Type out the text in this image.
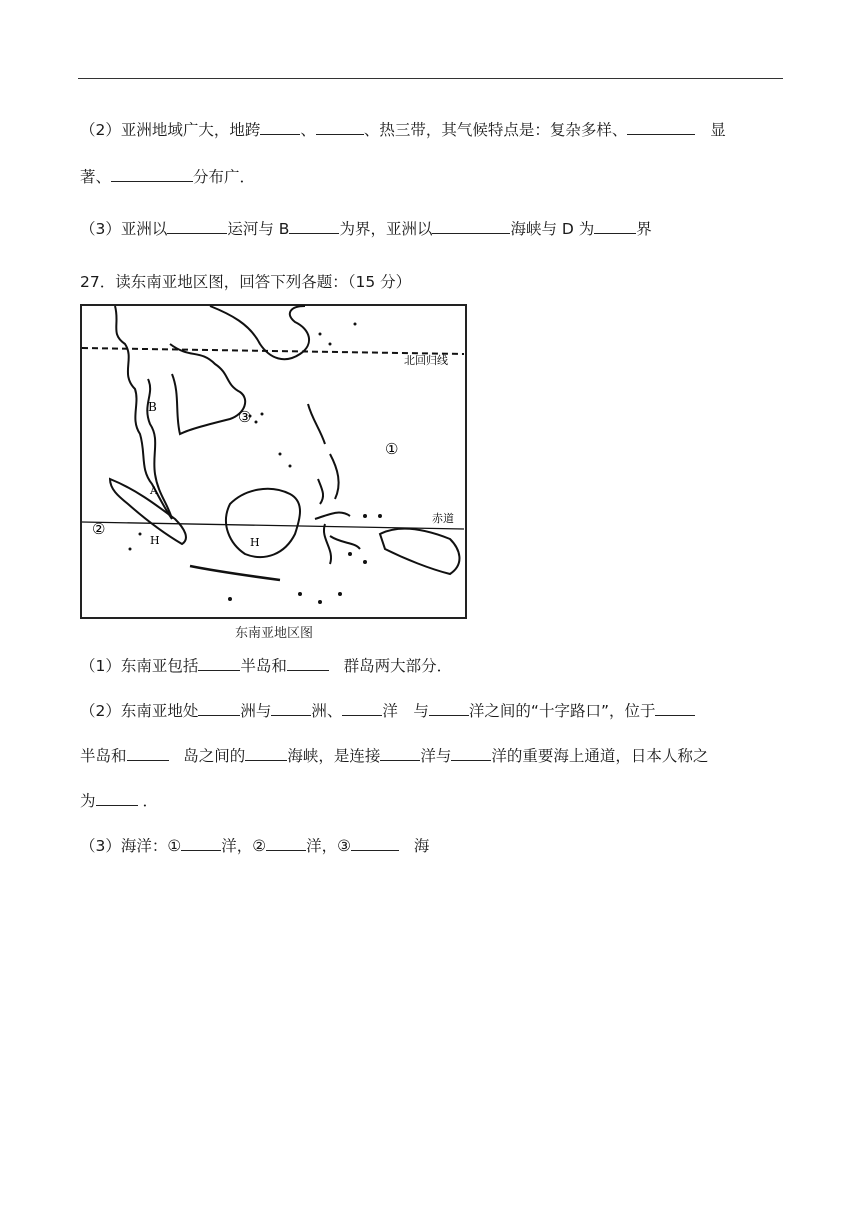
（2）亚洲地域广大，地跨	、	、热三带，其气候特点是：复杂多样、	显
著、	分布广．
（3）亚洲以	运河与 B	为界，亚洲以	海峡与 D 为	界
27．读东南亚地区图，回答下列各题：（15 分）
北回归线
赤道
①
②
③
A
B
H	H
东南亚地区图
（1）东南亚包括	半岛和	群岛两大部分．
（2）东南亚地处	洲与	洲、	洋　与	洋之间的“十字路口”，位于
半岛和	岛之间的	海峡，是连接	洋与	洋的重要海上通道，日本人称之
为	．
（3）海洋：①	洋，②	洋，③	海
